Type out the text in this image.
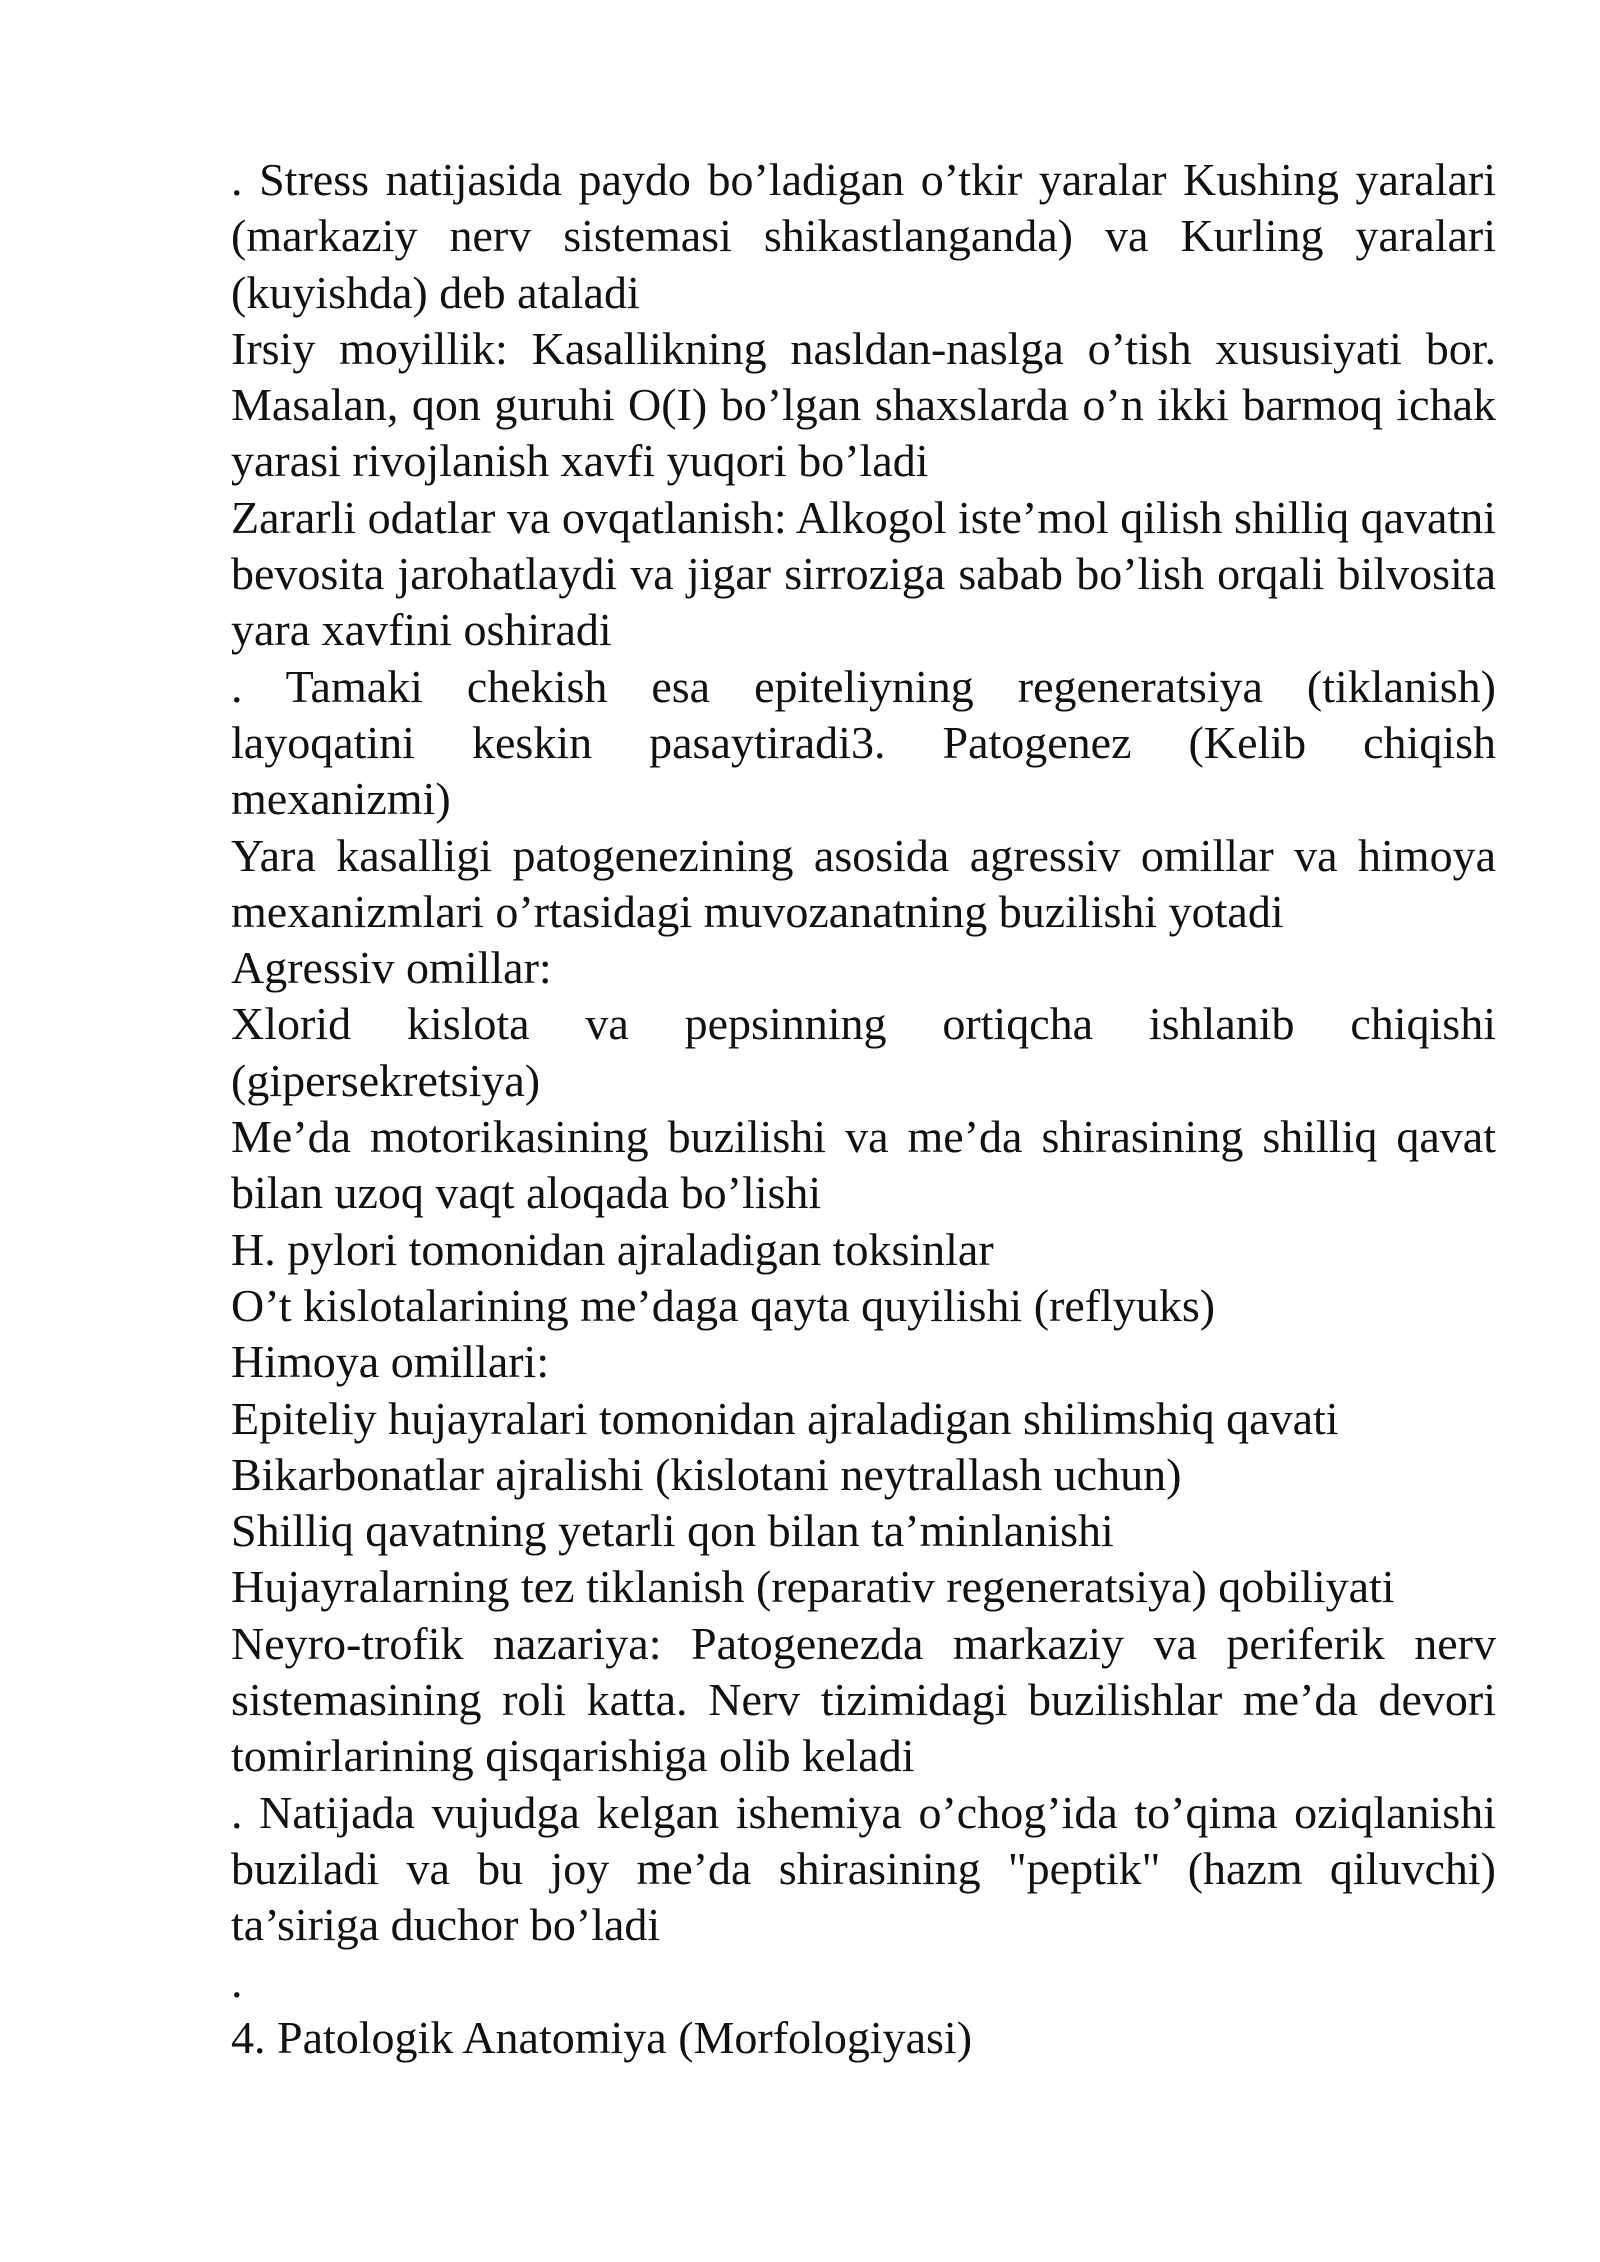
. Stress natijasida paydo bo’ladigan o’tkir yaralar Kushing yaralari (markaziy nerv sistemasi shikastlanganda) va Kurling yaralari (kuyishda) deb ataladi

Irsiy moyillik: Kasallikning nasldan-naslga o’tish xususiyati bor. Masalan, qon guruhi O(I) bo’lgan shaxslarda o’n ikki barmoq ichak yarasi rivojlanish xavfi yuqori bo’ladi

Zararli odatlar va ovqatlanish: Alkogol iste’mol qilish shilliq qavatni bevosita jarohatlaydi va jigar sirroziga sabab bo’lish orqali bilvosita yara xavfini oshiradi

. Tamaki chekish esa epiteliyning regeneratsiya (tiklanish) layoqatini keskin pasaytiradi3. Patogenez (Kelib chiqish mexanizmi)

Yara kasalligi patogenezining asosida agressiv omillar va himoya mexanizmlari o’rtasidagi muvozanatning buzilishi yotadi

Agressiv omillar:

Xlorid kislota va pepsinning ortiqcha ishlanib chiqishi (gipersekretsiya)

Me’da motorikasining buzilishi va me’da shirasining shilliq qavat bilan uzoq vaqt aloqada bo’lishi

H. pylori tomonidan ajraladigan toksinlar

O’t kislotalarining me’daga qayta quyilishi (reflyuks)

Himoya omillari:

Epiteliy hujayralari tomonidan ajraladigan shilimshiq qavati

Bikarbonatlar ajralishi (kislotani neytrallash uchun)

Shilliq qavatning yetarli qon bilan ta’minlanishi

Hujayralarning tez tiklanish (reparativ regeneratsiya) qobiliyati

Neyro-trofik nazariya: Patogenezda markaziy va periferik nerv sistemasining roli katta. Nerv tizimidagi buzilishlar me’da devori tomirlarining qisqarishiga olib keladi

. Natijada vujudga kelgan ishemiya o’chog’ida to’qima oziqlanishi buziladi va bu joy me’da shirasining "peptik" (hazm qiluvchi) ta’siriga duchor bo’ladi

.

4. Patologik Anatomiya (Morfologiyasi)
